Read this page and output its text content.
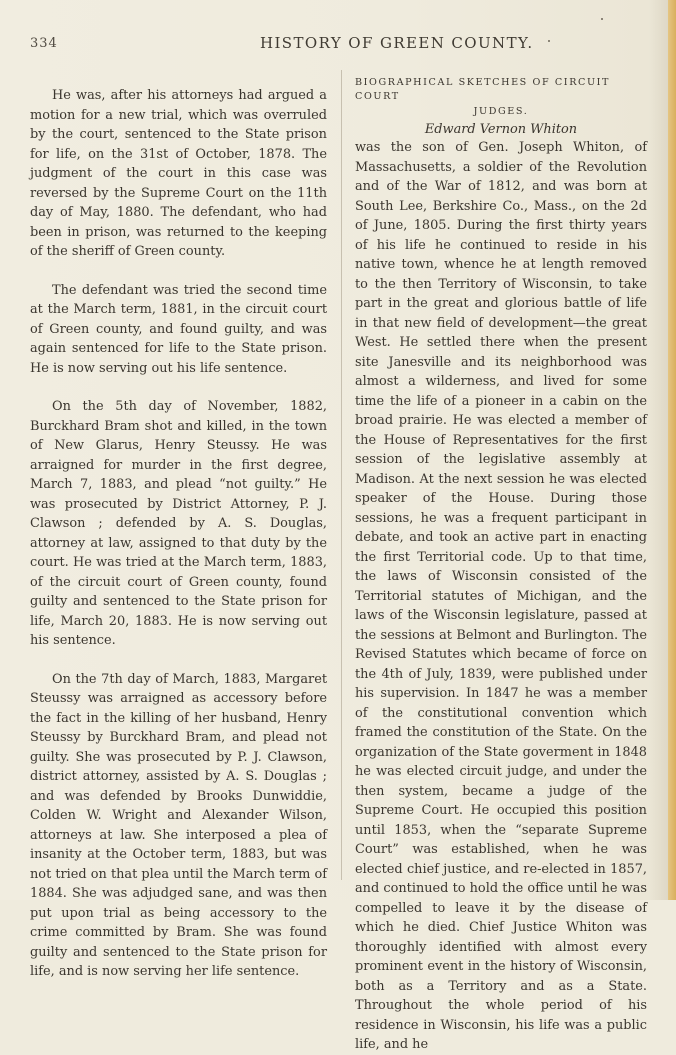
334	HISTORY OF GREEN COUNTY.

He was, after his attorneys had argued a motion for a new trial, which was overruled by the court, sentenced to the State prison for life, on the 31st of October, 1878. The judgment of the court in this case was reversed by the Supreme Court on the 11th day of May, 1880. The defendant, who had been in prison, was returned to the keeping of the sheriff of Green county.

The defendant was tried the second time at the March term, 1881, in the circuit court of Green county, and found guilty, and was again sentenced for life to the State prison. He is now serving out his life sentence.

On the 5th day of November, 1882, Burckhard Bram shot and killed, in the town of New Glarus, Henry Steussy. He was arraigned for murder in the first degree, March 7, 1883, and plead “not guilty.” He was prosecuted by District Attorney, P. J. Clawson ; defended by A. S. Douglas, attorney at law, assigned to that duty by the court. He was tried at the March term, 1883, of the circuit court of Green county, found guilty and sentenced to the State prison for life, March 20, 1883. He is now serving out his sentence.

On the 7th day of March, 1883, Margaret Steussy was arraigned as accessory before the fact in the killing of her husband, Henry Steussy by Burckhard Bram, and plead not guilty. She was prosecuted by P. J. Clawson, district attorney, assisted by A. S. Douglas ; and was defended by Brooks Dunwiddie, Colden W. Wright and Alexander Wilson, attorneys at law. She interposed a plea of insanity at the October term, 1883, but was not tried on that plea until the March term of 1884. She was adjudged sane, and was then put upon trial as being accessory to the crime committed by Bram. She was found guilty and sentenced to the State prison for life, and is now serving her life sentence.

BIOGRAPHICAL SKETCHES OF CIRCUIT COURT

JUDGES.

Edward Vernon Whiton

was the son of Gen. Joseph Whiton, of Massachusetts, a soldier of the Revolution and of the War of 1812, and was born at South Lee, Berkshire Co., Mass., on the 2d of June, 1805. During the first thirty years of his life he continued to reside in his native town, whence he at length removed to the then Territory of Wisconsin, to take part in the great and glorious battle of life in that new field of development—the great West. He settled there when the present site Janesville and its neighborhood was almost a wilderness, and lived for some time the life of a pioneer in a cabin on the broad prairie. He was elected a member of the House of Representatives for the first session of the legislative assembly at Madison. At the next session he was elected speaker of the House. During those sessions, he was a frequent participant in debate, and took an active part in enacting the first Territorial code. Up to that time, the laws of Wisconsin consisted of the Territorial statutes of Michigan, and the laws of the Wisconsin legislature, passed at the sessions at Belmont and Burlington. The Revised Statutes which became of force on the 4th of July, 1839, were published under his supervision. In 1847 he was a member of the constitutional convention which framed the constitution of the State. On the organization of the State goverment in 1848 he was elected circuit judge, and under the then system, became a judge of the Supreme Court. He occupied this position until 1853, when the “separate Supreme Court” was established, when he was elected chief justice, and re-elected in 1857, and continued to hold the office until he was compelled to leave it by the disease of which he died. Chief Justice Whiton was thoroughly identified with almost every prominent event in the history of Wisconsin, both as a Territory and as a State. Throughout the whole period of his residence in Wisconsin, his life was a public life, and he
